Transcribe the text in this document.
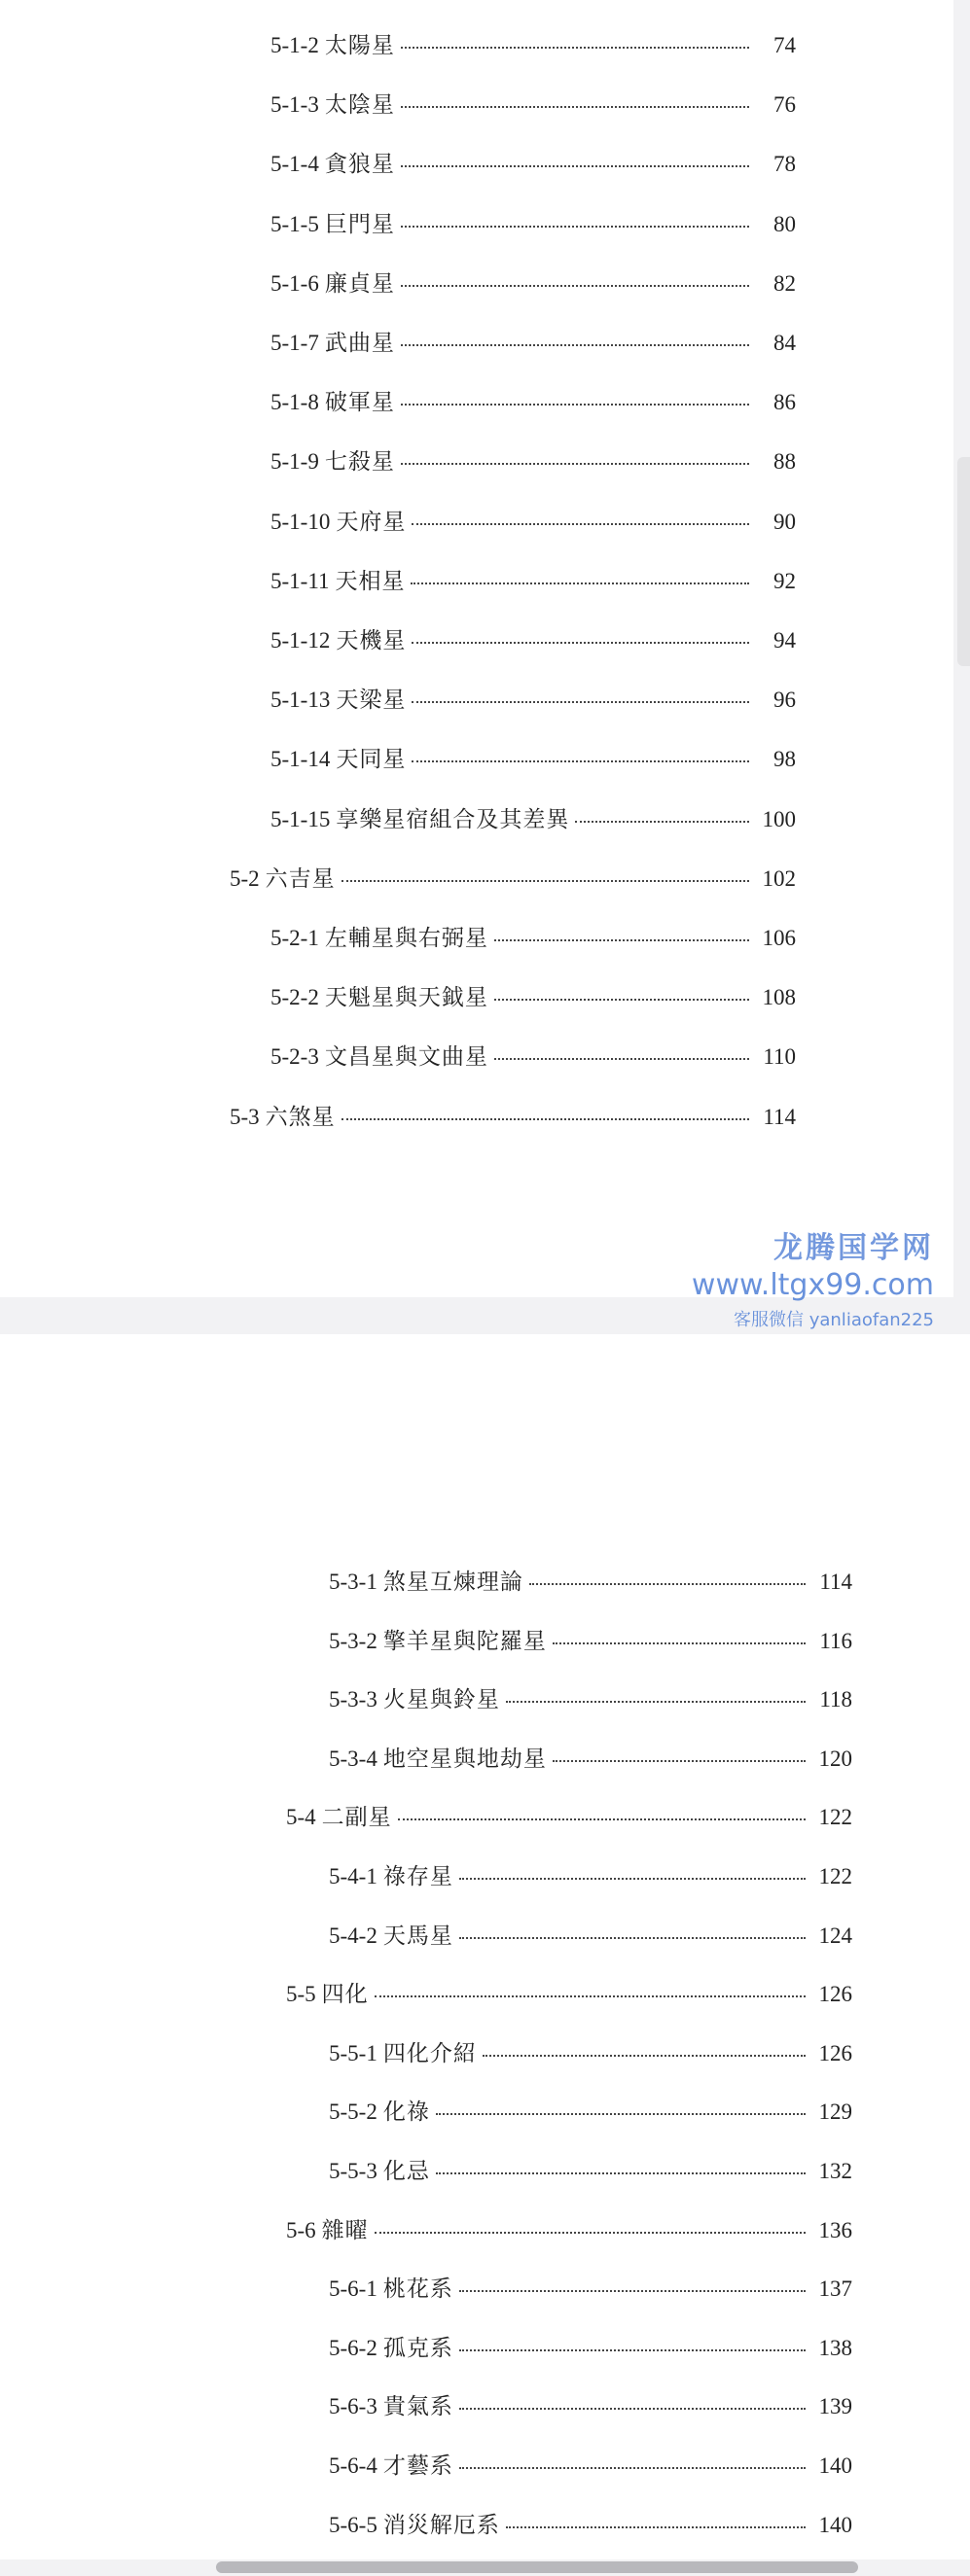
5-1-2 太陽星	74
5-1-3 太陰星	76
5-1-4 貪狼星	78
5-1-5 巨門星	80
5-1-6 廉貞星	82
5-1-7 武曲星	84
5-1-8 破軍星	86
5-1-9 七殺星	88
5-1-10 天府星	90
5-1-11 天相星	92
5-1-12 天機星	94
5-1-13 天梁星	96
5-1-14 天同星	98
5-1-15 享樂星宿組合及其差異	100
5-2 六吉星	102
5-2-1 左輔星與右弼星	106
5-2-2 天魁星與天鉞星	108
5-2-3 文昌星與文曲星	110
5-3 六煞星	114
龙腾国学网
www.ltgx99.com
客服微信 yanliaofan225
5-3-1 煞星互煉理論	114
5-3-2 擎羊星與陀羅星	116
5-3-3 火星與鈴星	118
5-3-4 地空星與地劫星	120
5-4 二副星	122
5-4-1 祿存星	122
5-4-2 天馬星	124
5-5 四化	126
5-5-1 四化介紹	126
5-5-2 化祿	129
5-5-3 化忌	132
5-6 雜曜	136
5-6-1 桃花系	137
5-6-2 孤克系	138
5-6-3 貴氣系	139
5-6-4 才藝系	140
5-6-5 消災解厄系	140
